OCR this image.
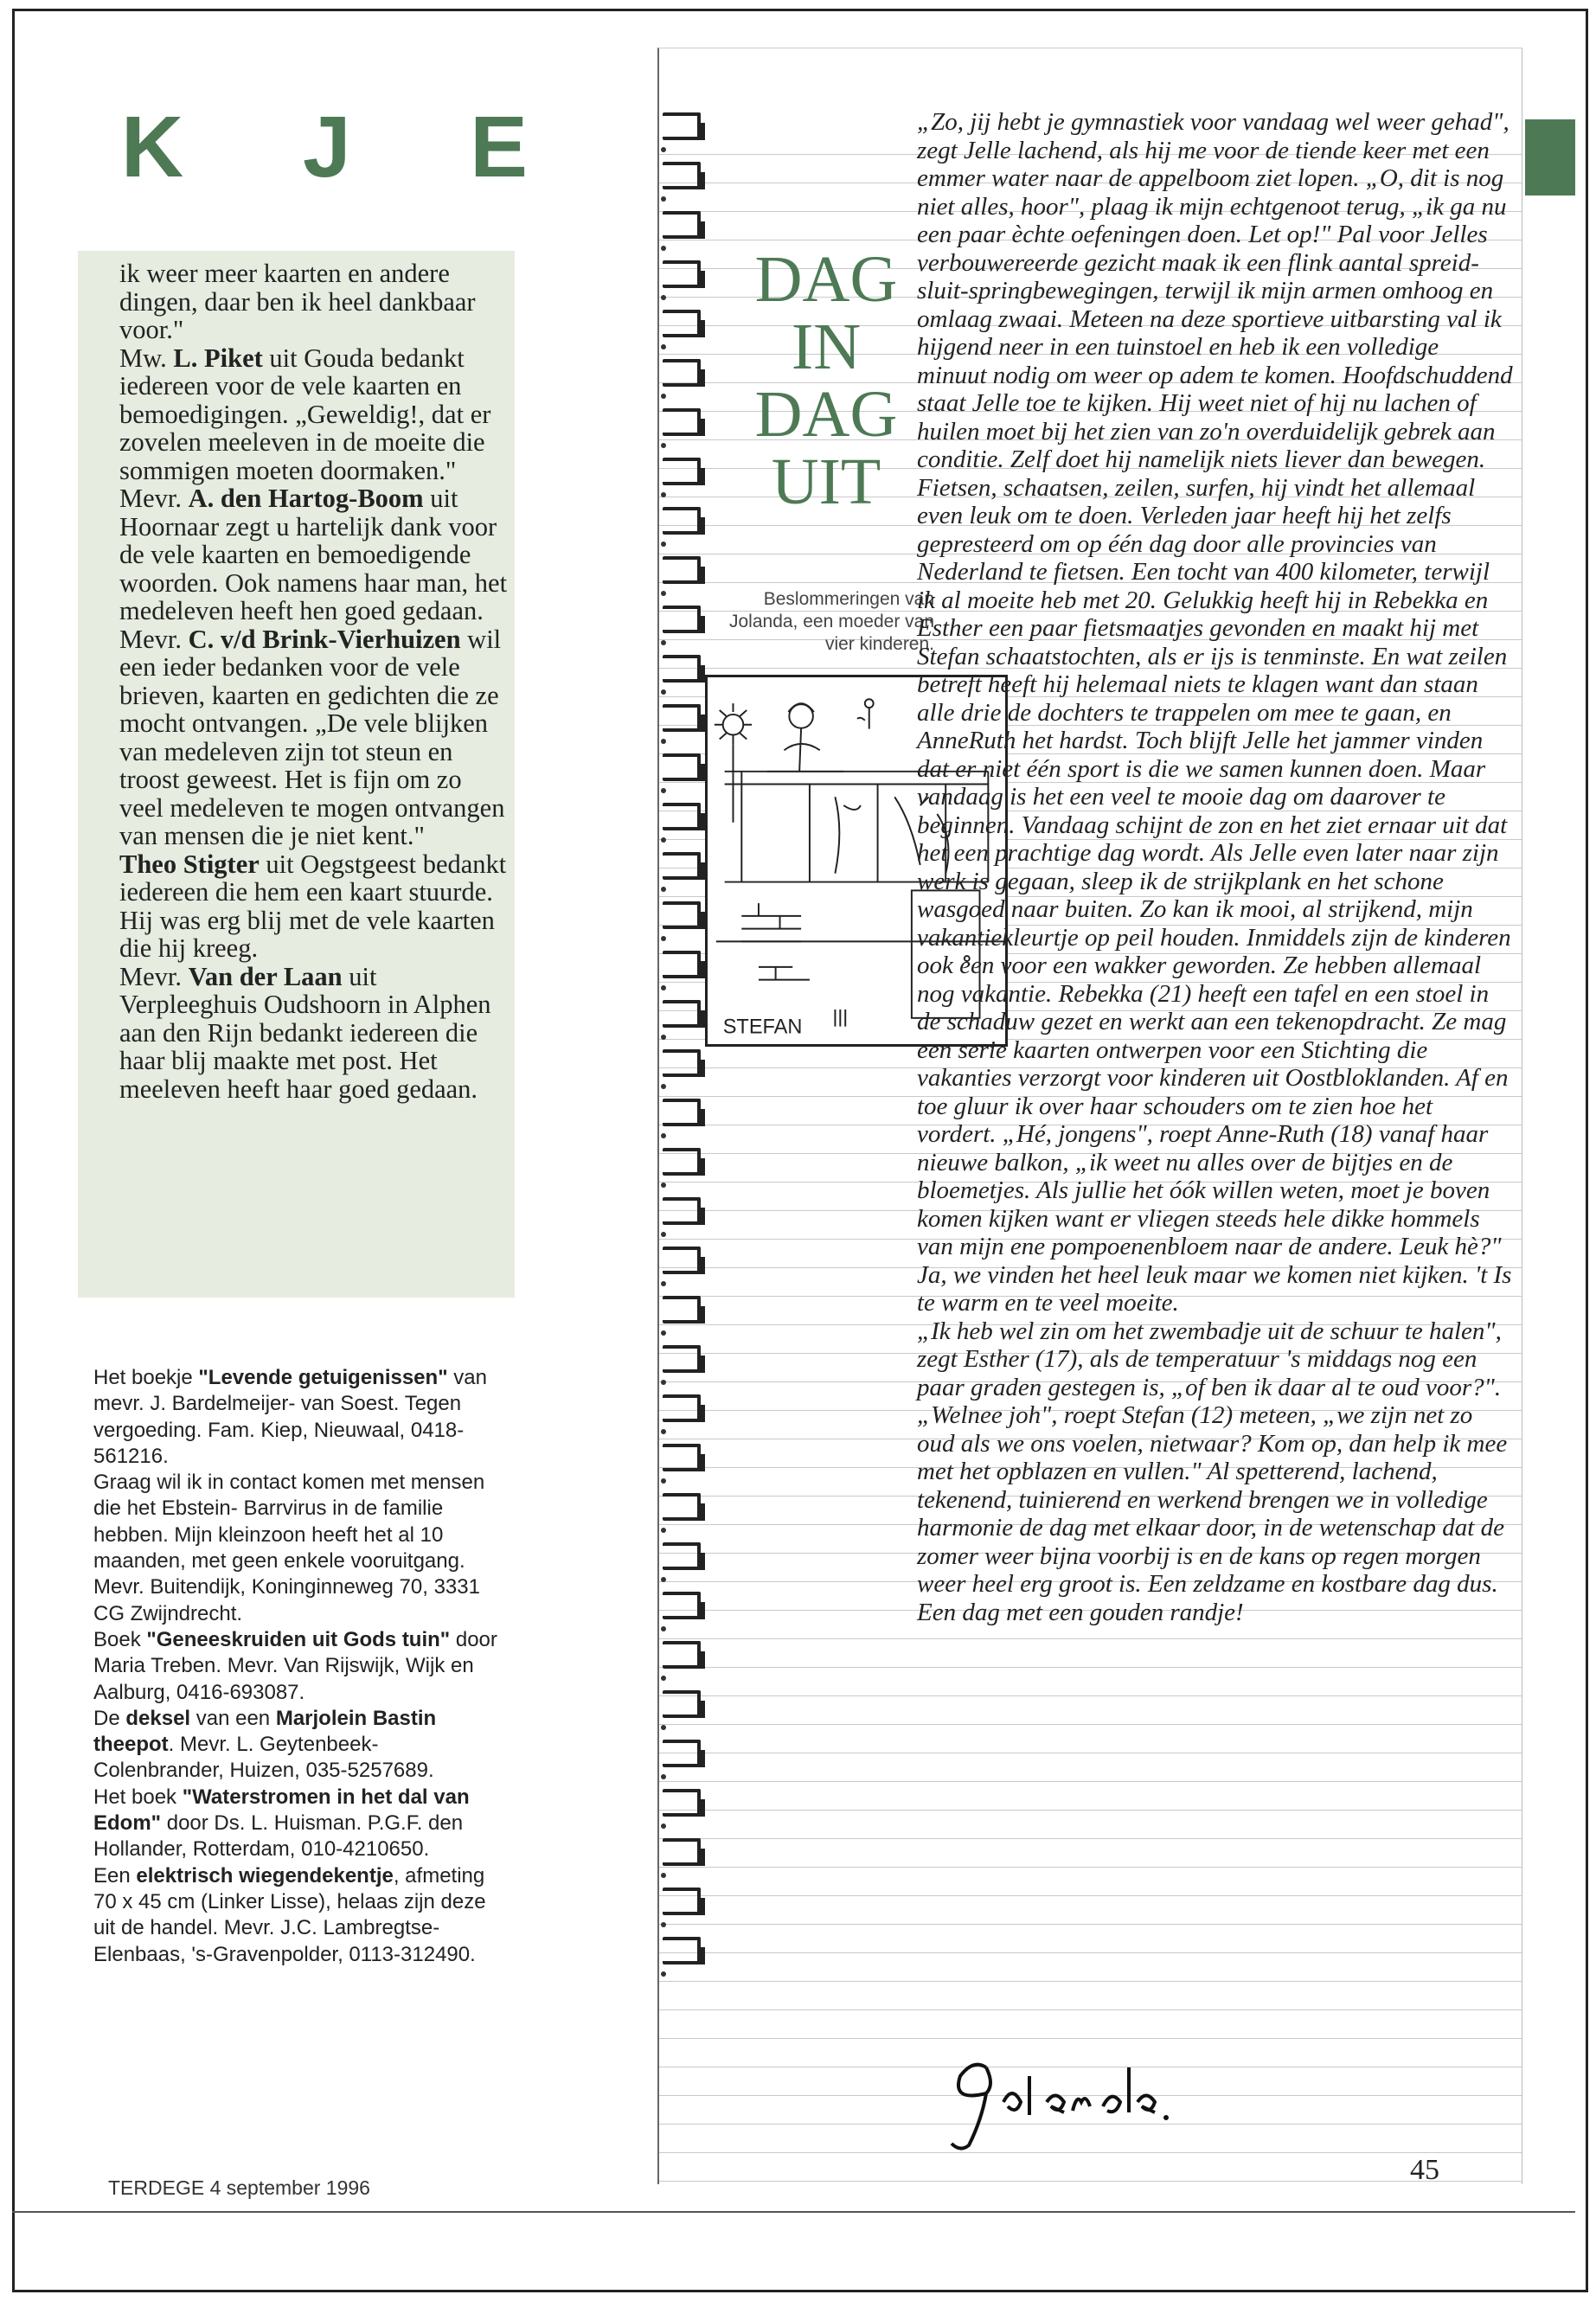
K J E

ik weer meer kaarten en andere dingen, daar ben ik heel dankbaar voor."

Mw. L. Piket uit Gouda bedankt iedereen voor de vele kaarten en bemoedigingen. „Geweldig!, dat er zovelen meeleven in de moeite die sommigen moeten doormaken."

Mevr. A. den Hartog-Boom uit Hoornaar zegt u hartelijk dank voor de vele kaarten en bemoedigende woorden. Ook namens haar man, het medeleven heeft hen goed gedaan.

Mevr. C. v/d Brink-Vierhuizen wil een ieder bedanken voor de vele brieven, kaarten en gedichten die ze mocht ontvangen. „De vele blijken van medeleven zijn tot steun en troost geweest. Het is fijn om zo veel medeleven te mogen ontvangen van mensen die je niet kent."

Theo Stigter uit Oegstgeest bedankt iedereen die hem een kaart stuurde. Hij was erg blij met de vele kaarten die hij kreeg.

Mevr. Van der Laan uit Verpleeghuis Oudshoorn in Alphen aan den Rijn bedankt iedereen die haar blij maakte met post. Het meeleven heeft haar goed gedaan.

Het boekje "Levende getuigenissen" van mevr. J. Bardelmeijer- van Soest. Tegen vergoeding. Fam. Kiep, Nieuwaal, 0418-561216.

Graag wil ik in contact komen met mensen die het Ebstein- Barrvirus in de familie hebben. Mijn kleinzoon heeft het al 10 maanden, met geen enkele vooruitgang. Mevr. Buitendijk, Koninginneweg 70, 3331 CG Zwijndrecht.

Boek "Geneeskruiden uit Gods tuin" door Maria Treben. Mevr. Van Rijswijk, Wijk en Aalburg, 0416-693087.

De deksel van een Marjolein Bastin theepot. Mevr. L. Geytenbeek-Colenbrander, Huizen, 035-5257689.

Het boek "Waterstromen in het dal van Edom" door Ds. L. Huisman. P.G.F. den Hollander, Rotterdam, 010-4210650.

Een elektrisch wiegendekentje, afmeting 70 x 45 cm (Linker Lisse), helaas zijn deze uit de handel. Mevr. J.C. Lambregtse-Elenbaas, 's-Gravenpolder, 0113-312490.

TERDEGE 4 september 1996
DAG
IN
DAG
UIT
Beslommeringen van Jolanda, een moeder van vier kinderen.
STEFAN

„Zo, jij hebt je gymnastiek voor vandaag wel weer gehad", zegt Jelle lachend, als hij me voor de tiende keer met een emmer water naar de appelboom ziet lopen. „O, dit is nog niet alles, hoor", plaag ik mijn echtgenoot terug, „ik ga nu een paar èchte oefeningen doen. Let op!" Pal voor Jelles verbouwereerde gezicht maak ik een flink aantal spreid-sluit-springbewegingen, terwijl ik mijn armen omhoog en omlaag zwaai. Meteen na deze sportieve uitbarsting val ik hijgend neer in een tuinstoel en heb ik een volledige minuut nodig om weer op adem te komen. Hoofdschuddend staat Jelle toe te kijken. Hij weet niet of hij nu lachen of huilen moet bij het zien van zo'n overduidelijk gebrek aan conditie. Zelf doet hij namelijk niets liever dan bewegen. Fietsen, schaatsen, zeilen, surfen, hij vindt het allemaal even leuk om te doen. Verleden jaar heeft hij het zelfs gepresteerd om op één dag door alle provincies van Nederland te fietsen. Een tocht van 400 kilometer, terwijl ik al moeite heb met 20. Gelukkig heeft hij in Rebekka en Esther een paar fietsmaatjes gevonden en maakt hij met Stefan schaatstochten, als er ijs is tenminste. En wat zeilen betreft heeft hij helemaal niets te klagen want dan staan alle drie de dochters te trappelen om mee te gaan, en AnneRuth het hardst. Toch blijft Jelle het jammer vinden dat er niet één sport is die we samen kunnen doen. Maar vandaag is het een veel te mooie dag om daarover te beginnen. Vandaag schijnt de zon en het ziet ernaar uit dat het een prachtige dag wordt. Als Jelle even later naar zijn werk is gegaan, sleep ik de strijkplank en het schone wasgoed naar buiten. Zo kan ik mooi, al strijkend, mijn vakantiekleurtje op peil houden. Inmiddels zijn de kinderen ook een voor een wakker geworden. Ze hebben allemaal nog vakantie. Rebekka (21) heeft een tafel en een stoel in de schaduw gezet en werkt aan een tekenopdracht. Ze mag een serie kaarten ontwerpen voor een Stichting die vakanties verzorgt voor kinderen uit Oostbloklanden. Af en toe gluur ik over haar schouders om te zien hoe het vordert. „Hé, jongens", roept Anne-Ruth (18) vanaf haar nieuwe balkon, „ik weet nu alles over de bijtjes en de bloemetjes. Als jullie het óók willen weten, moet je boven komen kijken want er vliegen steeds hele dikke hommels van mijn ene pompoenenbloem naar de andere. Leuk hè?" Ja, we vinden het heel leuk maar we komen niet kijken. 't Is te warm en te veel moeite.

„Ik heb wel zin om het zwembadje uit de schuur te halen", zegt Esther (17), als de temperatuur 's middags nog een paar graden gestegen is, „of ben ik daar al te oud voor?". „Welnee joh", roept Stefan (12) meteen, „we zijn net zo oud als we ons voelen, nietwaar? Kom op, dan help ik mee met het opblazen en vullen." Al spetterend, lachend, tekenend, tuinierend en werkend brengen we in volledige harmonie de dag met elkaar door, in de wetenschap dat de zomer weer bijna voorbij is en de kans op regen morgen weer heel erg groot is. Een zeldzame en kostbare dag dus. Een dag met een gouden randje!

45
